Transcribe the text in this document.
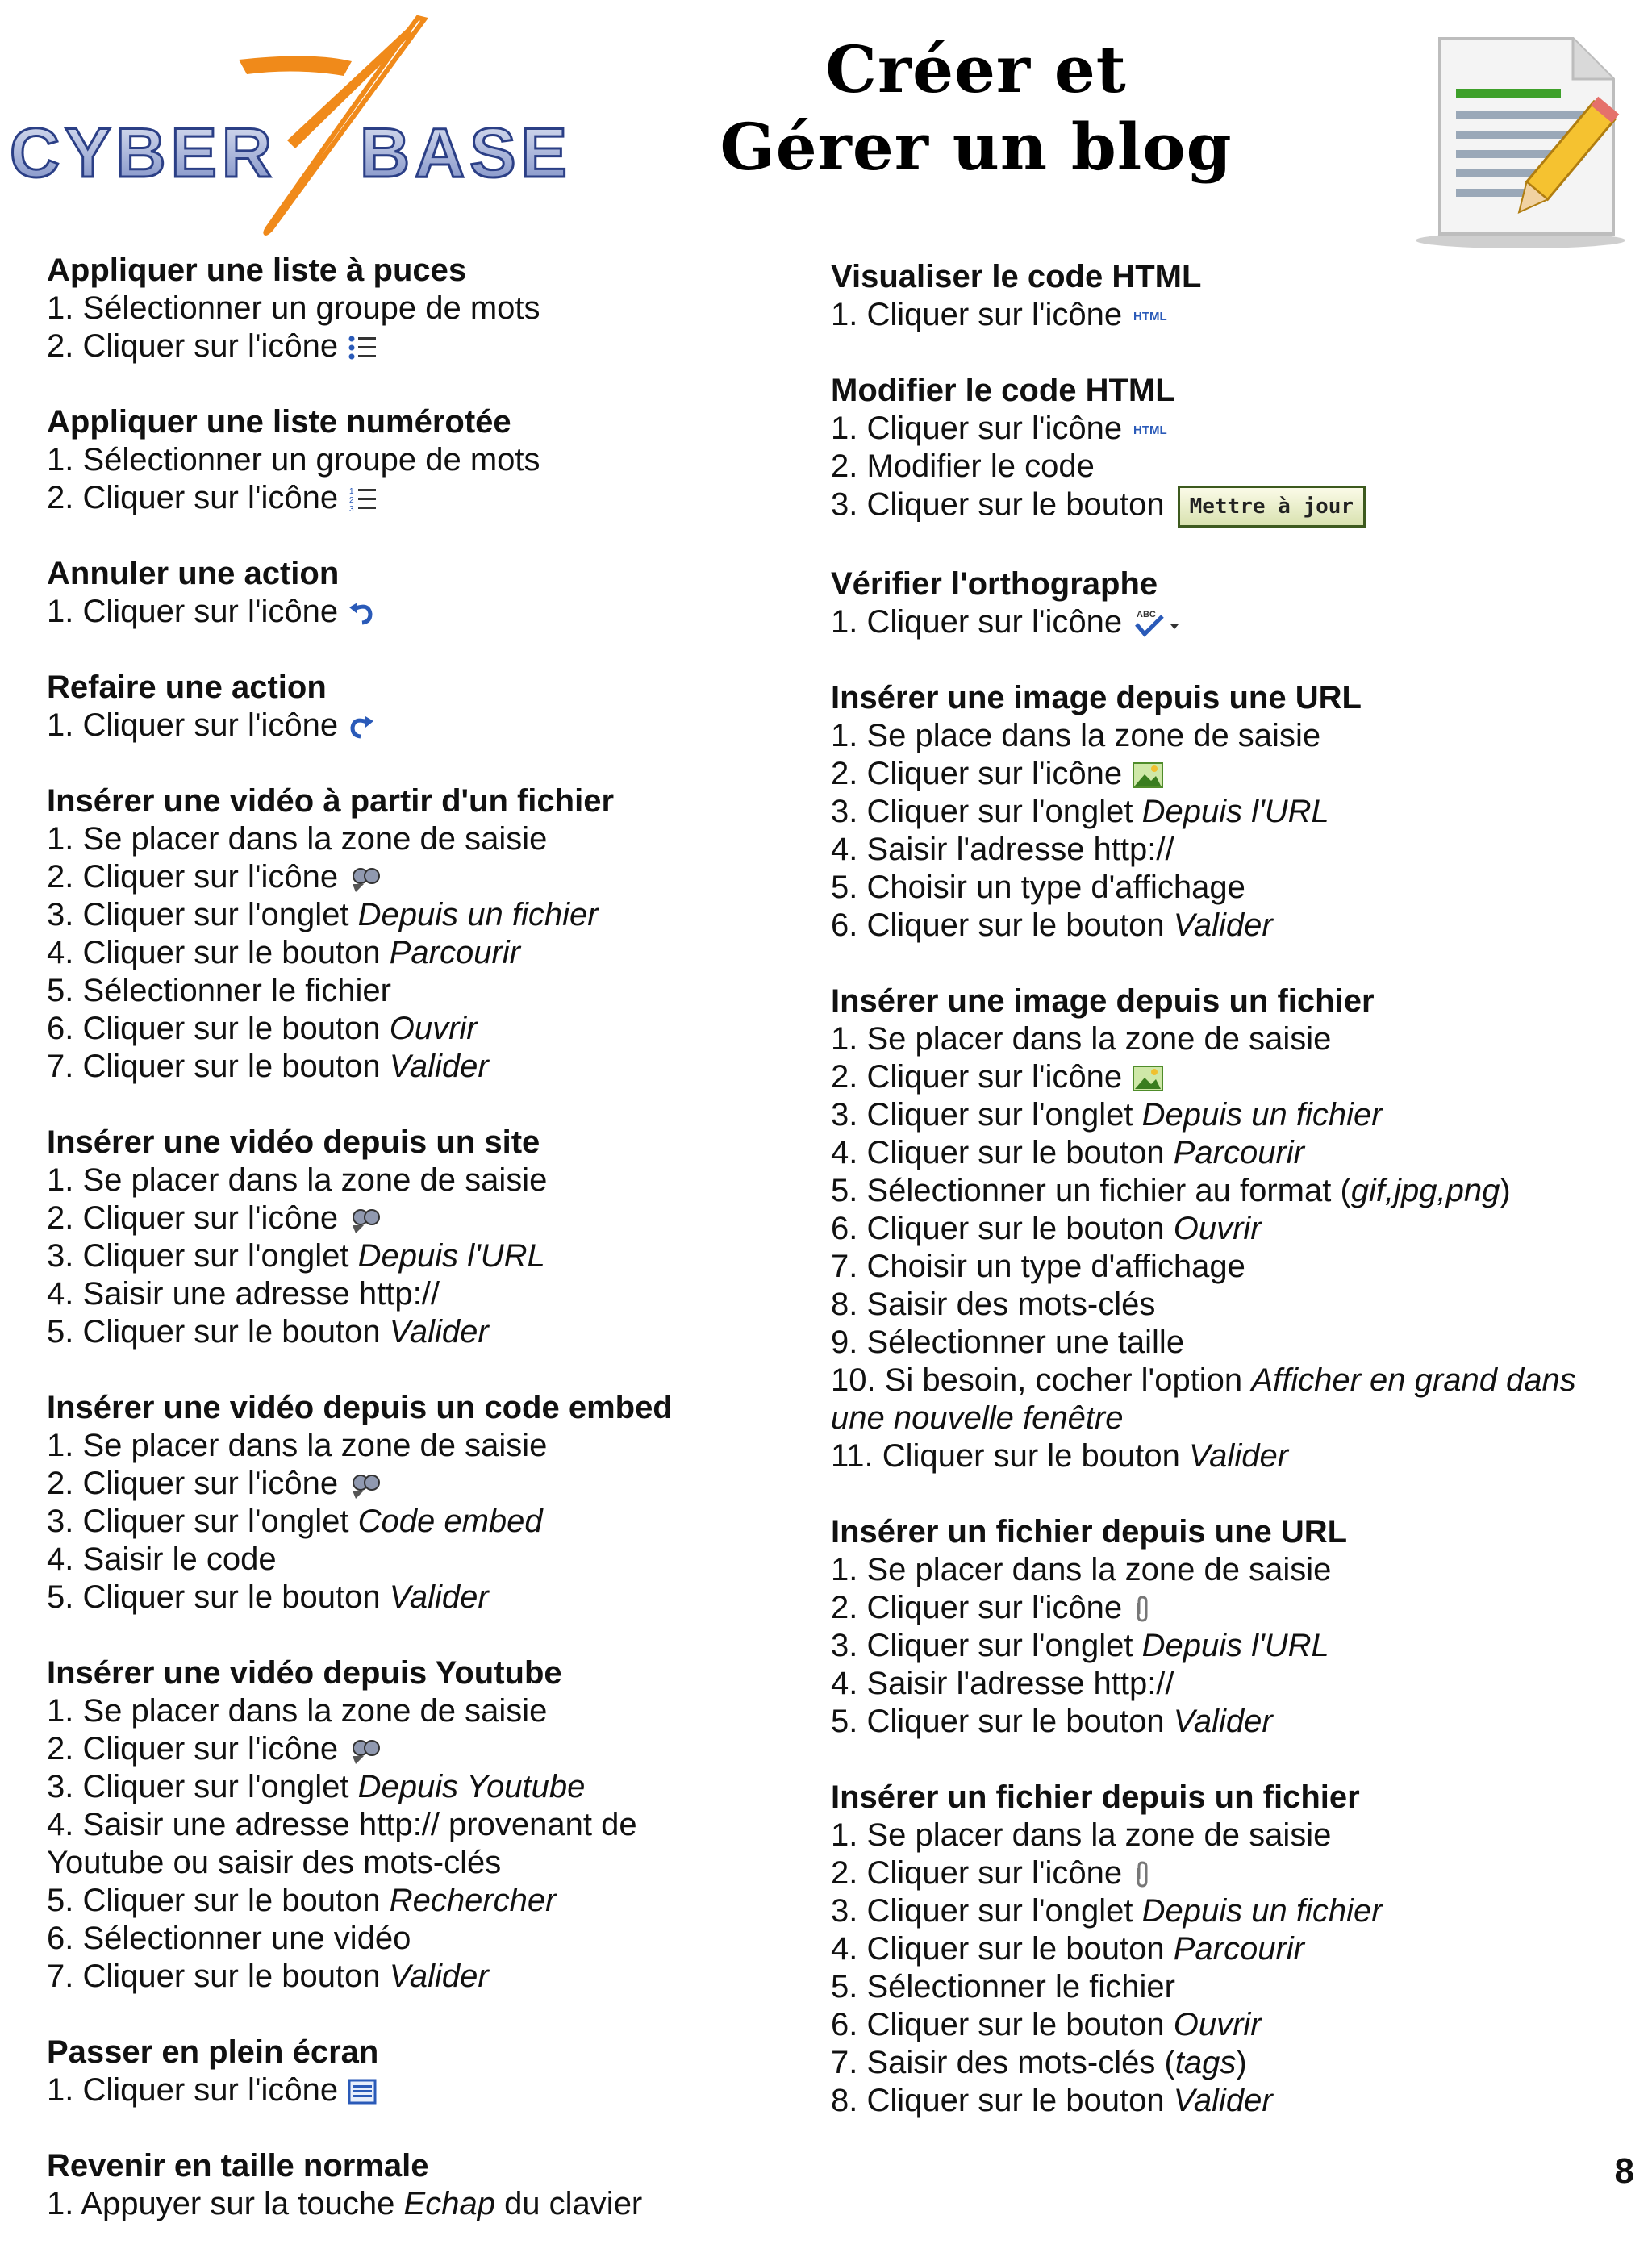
CYBER BASE
Créer et
Gérer un blog
Appliquer une liste à puces
1. Sélectionner un groupe de mots
2. Cliquer sur l'icône
Appliquer une liste numérotée
1. Sélectionner un groupe de mots
2. Cliquer sur l'icône 1
2
3
Annuler une action
1. Cliquer sur l'icône
Refaire une action
1. Cliquer sur l'icône
Insérer une vidéo à partir d'un fichier
1. Se placer dans la zone de saisie
2. Cliquer sur l'icône
3. Cliquer sur l'onglet Depuis un fichier
4. Cliquer sur le bouton Parcourir
5. Sélectionner le fichier
6. Cliquer sur le bouton Ouvrir
7. Cliquer sur le bouton Valider
Insérer une vidéo depuis un site
1. Se placer dans la zone de saisie
2. Cliquer sur l'icône
3. Cliquer sur l'onglet Depuis l'URL
4. Saisir une adresse http://
5. Cliquer sur le bouton Valider
Insérer une vidéo depuis un code embed
1. Se placer dans la zone de saisie
2. Cliquer sur l'icône
3. Cliquer sur l'onglet Code embed
4. Saisir le code
5. Cliquer sur le bouton Valider
Insérer une vidéo depuis Youtube
1. Se placer dans la zone de saisie
2. Cliquer sur l'icône
3. Cliquer sur l'onglet Depuis Youtube
4. Saisir une adresse http:// provenant de
Youtube ou saisir des mots-clés
5. Cliquer sur le bouton Rechercher
6. Sélectionner une vidéo
7. Cliquer sur le bouton Valider
Passer en plein écran
1. Cliquer sur l'icône
Revenir en taille normale
1. Appuyer sur la touche Echap du clavier
Visualiser le code HTML
1. Cliquer sur l'icône HTML
Modifier le code HTML
1. Cliquer sur l'icône HTML
2. Modifier le code
3. Cliquer sur le bouton Mettre à jour
Vérifier l'orthographe
1. Cliquer sur l'icône ABC
Insérer une image depuis une URL
1. Se place dans la zone de saisie
2. Cliquer sur l'icône
3. Cliquer sur l'onglet Depuis l'URL
4. Saisir l'adresse http://
5. Choisir un type d'affichage
6. Cliquer sur le bouton Valider
Insérer une image depuis un fichier
1. Se placer dans la zone de saisie
2. Cliquer sur l'icône
3. Cliquer sur l'onglet Depuis un fichier
4. Cliquer sur le bouton Parcourir
5. Sélectionner un fichier au format (gif,jpg,png)
6. Cliquer sur le bouton Ouvrir
7. Choisir un type d'affichage
8. Saisir des mots-clés
9. Sélectionner une taille
10. Si besoin, cocher l'option Afficher en grand dans
une nouvelle fenêtre
11. Cliquer sur le bouton Valider
Insérer un fichier depuis une URL
1. Se placer dans la zone de saisie
2. Cliquer sur l'icône
3. Cliquer sur l'onglet Depuis l'URL
4. Saisir l'adresse http://
5. Cliquer sur le bouton Valider
Insérer un fichier depuis un fichier
1. Se placer dans la zone de saisie
2. Cliquer sur l'icône
3. Cliquer sur l'onglet Depuis un fichier
4. Cliquer sur le bouton Parcourir
5. Sélectionner le fichier
6. Cliquer sur le bouton Ouvrir
7. Saisir des mots-clés (tags)
8. Cliquer sur le bouton Valider
8
